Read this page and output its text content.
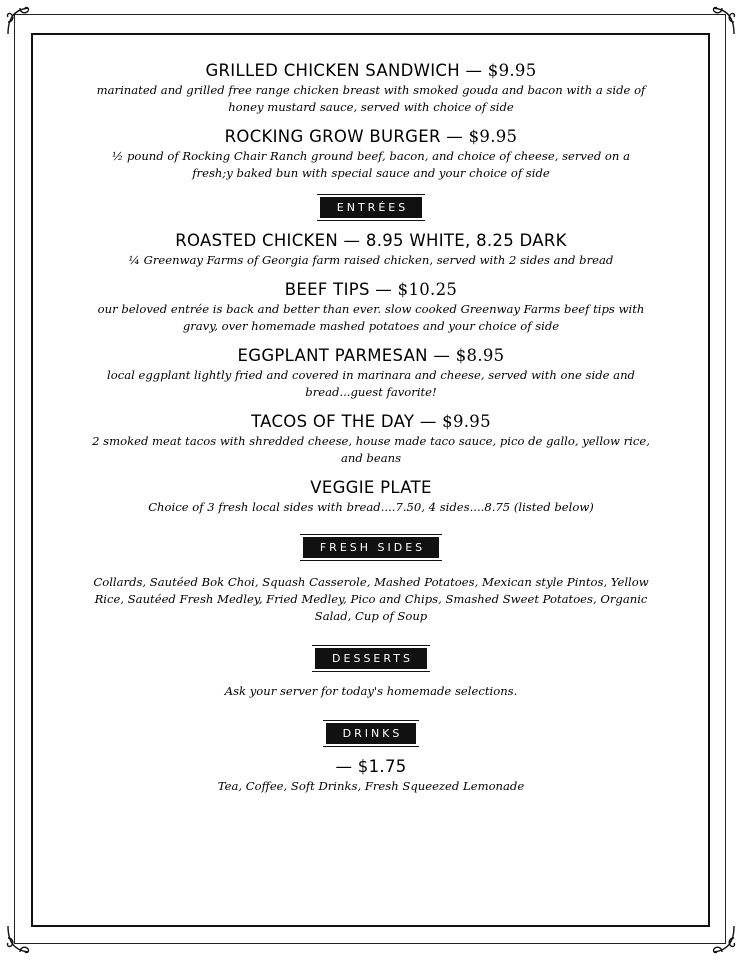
GRILLED CHICKEN SANDWICH — $9.95
marinated and grilled free range chicken breast with smoked gouda and bacon with a side of honey mustard sauce, served with choice of side
ROCKING GROW BURGER — $9.95
½ pound of Rocking Chair Ranch ground beef, bacon, and choice of cheese, served on a fresh;y baked bun with special sauce and your choice of side
ENTRÉES
ROASTED CHICKEN — 8.95 WHITE, 8.25 DARK
¼ Greenway Farms of Georgia farm raised chicken, served with 2 sides and bread
BEEF TIPS — $10.25
our beloved entrée is back and better than ever. slow cooked Greenway Farms beef tips with gravy, over homemade mashed potatoes and your choice of side
EGGPLANT PARMESAN — $8.95
local eggplant lightly fried and covered in marinara and cheese, served with one side and bread...guest favorite!
TACOS OF THE DAY — $9.95
2 smoked meat tacos with shredded cheese, house made taco sauce, pico de gallo, yellow rice, and beans
VEGGIE PLATE
Choice of 3 fresh local sides with bread....7.50, 4 sides....8.75 (listed below)
FRESH SIDES
Collards, Sautéed Bok Choi, Squash Casserole, Mashed Potatoes, Mexican style Pintos, Yellow Rice, Sautéed Fresh Medley, Fried Medley, Pico and Chips, Smashed Sweet Potatoes, Organic Salad, Cup of Soup
DESSERTS
Ask your server for today's homemade selections.
DRINKS
— $1.75
Tea, Coffee, Soft Drinks, Fresh Squeezed Lemonade
